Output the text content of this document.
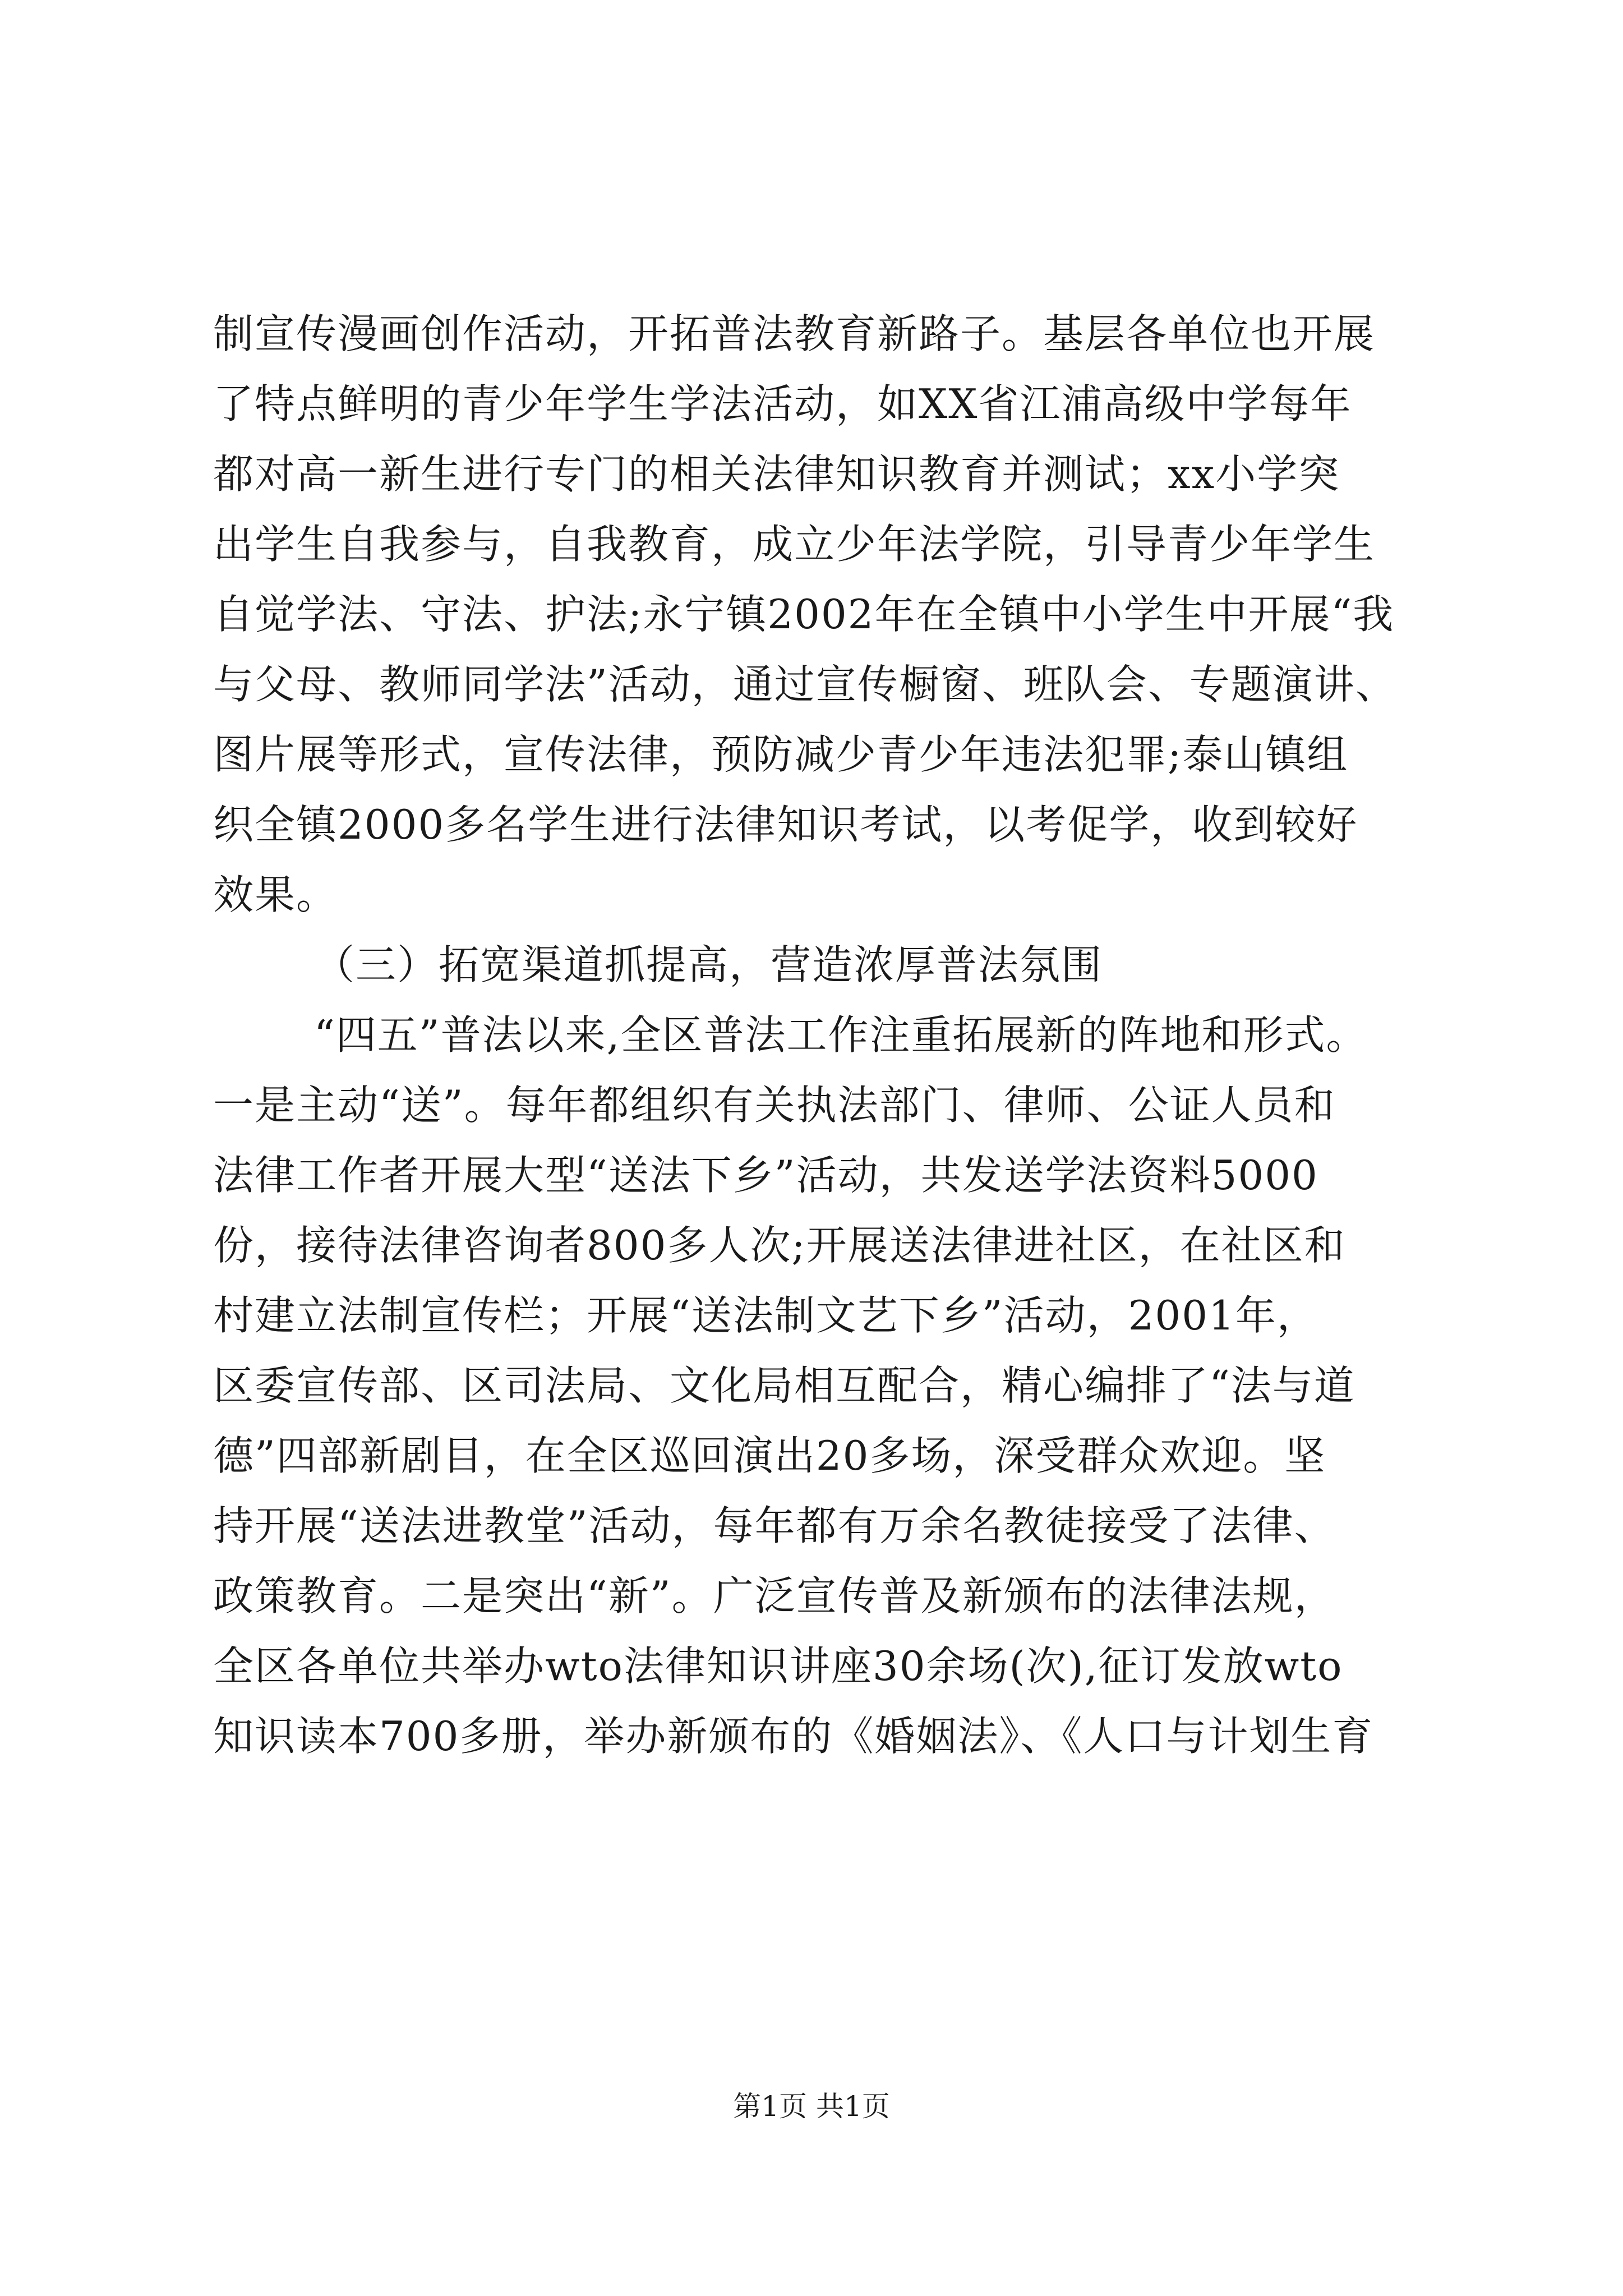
制宣传漫画创作活动，开拓普法教育新路子。基层各单位也开展
了特点鲜明的青少年学生学法活动，如XX省江浦高级中学每年
都对高一新生进行专门的相关法律知识教育并测试；xx小学突
出学生自我参与，自我教育，成立少年法学院，引导青少年学生
自觉学法、守法、护法;永宁镇2002年在全镇中小学生中开展“我
与父母、教师同学法”活动，通过宣传橱窗、班队会、专题演讲、
图片展等形式，宣传法律，预防减少青少年违法犯罪;泰山镇组
织全镇2000多名学生进行法律知识考试，以考促学，收到较好
效果。
（三）拓宽渠道抓提高，营造浓厚普法氛围
“四五”普法以来,全区普法工作注重拓展新的阵地和形式。
一是主动“送”。每年都组织有关执法部门、律师、公证人员和
法律工作者开展大型“送法下乡”活动，共发送学法资料5000
份，接待法律咨询者800多人次;开展送法律进社区，在社区和
村建立法制宣传栏；开展“送法制文艺下乡”活动，2001年，
区委宣传部、区司法局、文化局相互配合，精心编排了“法与道
德”四部新剧目，在全区巡回演出20多场，深受群众欢迎。坚
持开展“送法进教堂”活动，每年都有万余名教徒接受了法律、
政策教育。二是突出“新”。广泛宣传普及新颁布的法律法规，
全区各单位共举办wto法律知识讲座30余场(次),征订发放wto
知识读本700多册，举办新颁布的《婚姻法》、《人口与计划生育
第1页 共1页
